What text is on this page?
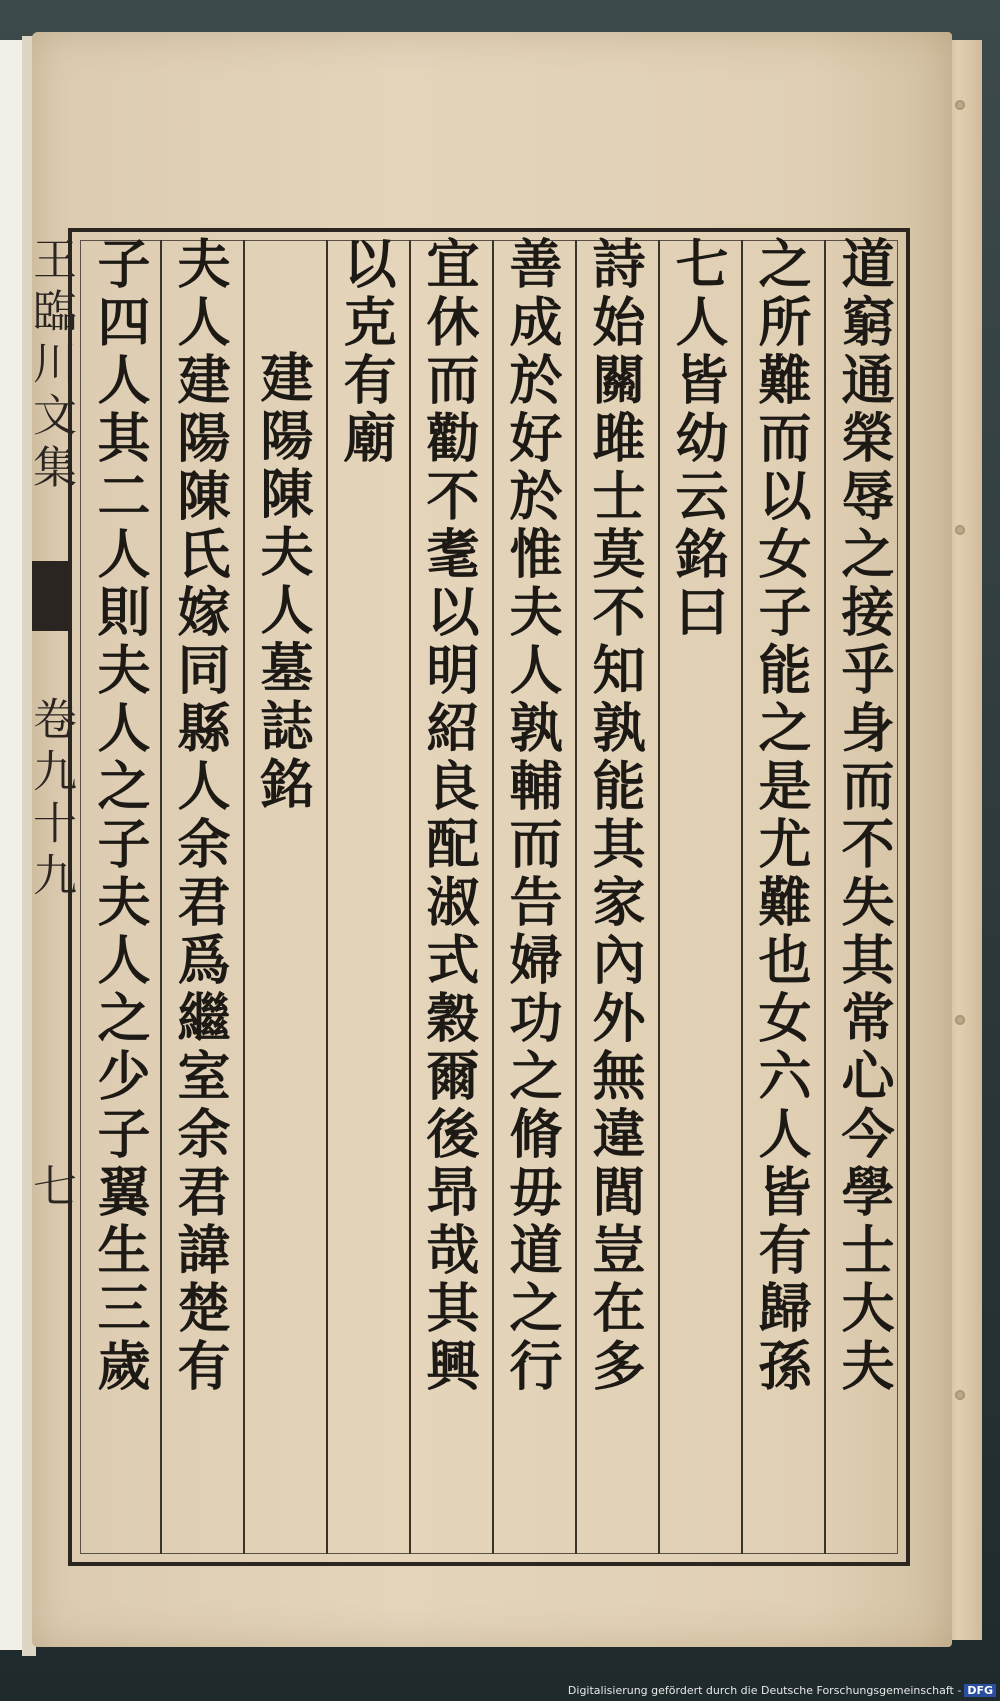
道窮通榮辱之接乎身而不失其常心今學士大夫
之所難而以女子能之是尤難也女六人皆有歸孫
七人皆幼云銘曰
詩始關雎士莫不知孰能其家內外無違閭豈在多
善成於好於惟夫人孰輔而告婦功之脩毋道之行
宜休而勸不耄以明紹良配淑式穀爾後昻哉其興
以克有廟
建陽陳夫人墓誌銘
夫人建陽陳氏嫁同縣人余君爲繼室余君諱楚有
子四人其二人則夫人之子夫人之少子翼生三歲
王臨川文集  卷九十九 七
Digitalisierung gefördert durch die Deutsche Forschungsgemeinschaft - DFG
